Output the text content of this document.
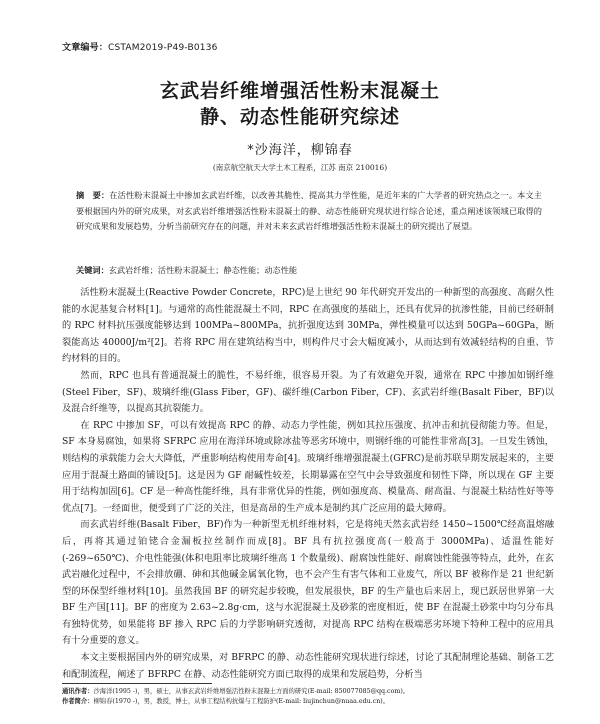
文章编号：CSTAM2019-P49-B0136
玄武岩纤维增强活性粉末混凝土
静、动态性能研究综述
*沙海洋，柳锦春
(南京航空航天大学土木工程系，江苏 南京 210016)
摘　要：在活性粉末混凝土中掺加玄武岩纤维，以改善其脆性、提高其力学性能，是近年来的广大学者的研究热点之一。本文主要根据国内外的研究成果，对玄武岩纤维增强活性粉末混凝土的静、动态性能研究现状进行综合论述，重点阐述该领域已取得的研究成果和发展趋势，分析当前研究存在的问题，并对未来玄武岩纤维增强活性粉末混凝土的研究提出了展望。
关键词：玄武岩纤维；活性粉末混凝土；静态性能；动态性能

活性粉末混凝土(Reactive Powder Concrete，RPC)是上世纪 90 年代研究开发出的一种新型的高强度、高耐久性能的水泥基复合材料[1]。与通常的高性能混凝土不同，RPC 在高强度的基础上，还具有优异的抗渗性能，目前已经研制的 RPC 材料抗压强度能够达到 100MPa~800MPa，抗折强度达到 30MPa，弹性模量可以达到 50GPa~60GPa，断裂能高达 40000J/m²[2]。若将 RPC 用在建筑结构当中，则构件尺寸会大幅度减小，从而达到有效减轻结构的自重、节约材料的目的。

然而，RPC 也具有普通混凝土的脆性，不易纤维，很容易开裂。为了有效避免开裂，通常在 RPC 中掺加如钢纤维(Steel Fiber，SF)、玻璃纤维(Glass Fiber，GF)、碳纤维(Carbon Fiber，CF)、玄武岩纤维(Basalt Fiber，BF)以及混合纤维等，以提高其抗裂能力。

在 RPC 中掺加 SF，可以有效提高 RPC 的静、动态力学性能，例如其拉压强度、抗冲击和抗侵彻能力等。但是，SF 本身易腐蚀，如果将 SFRPC 应用在海洋环境或除冰盐等恶劣环境中，则钢纤维的可能性非常高[3]。一旦发生锈蚀，则结构的承载能力会大大降低，严重影响结构使用寿命[4]。玻璃纤维增强混凝土(GFRC)是前苏联早期发展起来的，主要应用于混凝土路面的铺设[5]。这是因为 GF 耐碱性较差，长期暴露在空气中会导致强度和韧性下降，所以现在 GF 主要用于结构加固[6]。CF 是一种高性能纤维，具有非常优异的性能，例如强度高、模量高、耐高温、与混凝土粘结性好等等优点[7]。一经面世，便受到了广泛的关注，但是高昂的生产成本是制约其广泛应用的最大障碍。

而玄武岩纤维(Basalt Fiber，BF)作为一种新型无机纤维材料，它是将纯天然玄武岩经 1450~1500℃经高温熔融后，再将其通过铂铑合金漏板拉丝制作而成[8]。BF 具有抗拉强度高(一般高于 3000MPa)、适温性能好(-269~650℃)、介电性能强(体积电阻率比玻璃纤维高 1 个数量级)、耐腐蚀性能好、耐腐蚀性能强等特点，此外，在玄武岩融化过程中，不会排放硼、砷和其他碱金属氧化物，也不会产生有害气体和工业废气，所以 BF 被称作是 21 世纪新型的环保型纤维材料[10]。虽然我国 BF 的研究起步较晚，但发展很快，BF 的生产量也后来居上，现已跃居世界第一大 BF 生产国[11]。BF 的密度为 2.63~2.8g·cm，这与水泥混凝土及砂浆的密度相近，使 BF 在混凝土砂浆中均匀分布具有独特优势，如果能将 BF 掺入 RPC 后的力学影响研究透彻，对提高 RPC 结构在极端恶劣环境下特种工程中的应用具有十分重要的意义。

本文主要根据国内外的研究成果，对 BFRPC 的静、动态性能研究现状进行综述，讨论了其配制理论基础、制备工艺和配制流程，阐述了 BFRPC 在静、动态性能研究方面已取得的成果和发展趋势，分析当

通讯作者：沙海洋(1995 -)，男，硕士，从事玄武岩纤维增强活性粉末混凝土方面的研究(E-mail: 850077085@qq.com)。
作者简介：柳锦春(1970 -)，男，教授，博士，从事工程结构抗爆与工程防护(E-mail: liujinchun@nuaa.edu.cn)。
